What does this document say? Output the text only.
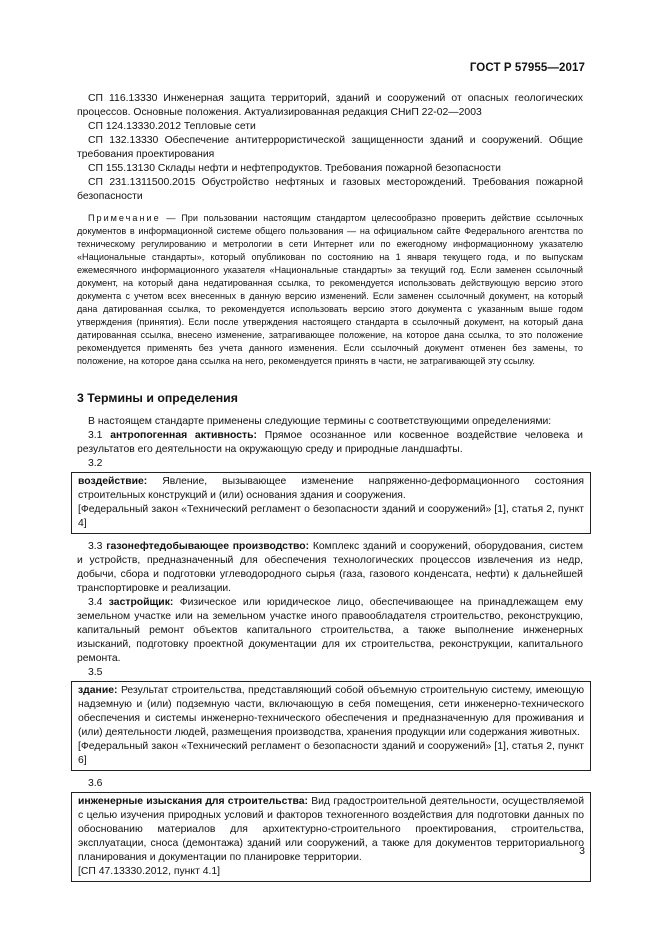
ГОСТ Р 57955—2017

СП 116.13330 Инженерная защита территорий, зданий и сооружений от опасных геологических процессов. Основные положения. Актуализированная редакция СНиП 22-02—2003

СП 124.13330.2012 Тепловые сети

СП 132.13330 Обеспечение антитеррористической защищенности зданий и сооружений. Общие требования проектирования

СП 155.13130 Склады нефти и нефтепродуктов. Требования пожарной безопасности

СП 231.1311500.2015 Обустройство нефтяных и газовых месторождений. Требования пожарной безопасности

Примечание — При пользовании настоящим стандартом целесообразно проверить действие ссылочных документов в информационной системе общего пользования — на официальном сайте Федерального агентства по техническому регулированию и метрологии в сети Интернет или по ежегодному информационному указателю «Национальные стандарты», который опубликован по состоянию на 1 января текущего года, и по выпускам ежемесячного информационного указателя «Национальные стандарты» за текущий год. Если заменен ссылочный документ, на который дана недатированная ссылка, то рекомендуется использовать действующую версию этого документа с учетом всех внесенных в данную версию изменений. Если заменен ссылочный документ, на который дана датированная ссылка, то рекомендуется использовать версию этого документа с указанным выше годом утверждения (принятия). Если после утверждения настоящего стандарта в ссылочный документ, на который дана датированная ссылка, внесено изменение, затрагивающее положение, на которое дана ссылка, то это положение рекомендуется применять без учета данного изменения. Если ссылочный документ отменен без замены, то положение, на которое дана ссылка на него, рекомендуется принять в части, не затрагивающей эту ссылку.

3 Термины и определения

В настоящем стандарте применены следующие термины с соответствующими определениями:

3.1 антропогенная активность: Прямое осознанное или косвенное воздействие человека и результатов его деятельности на окружающую среду и природные ландшафты.

3.2

воздействие: Явление, вызывающее изменение напряженно-деформационного состояния строительных конструкций и (или) основания здания и сооружения.

[Федеральный закон «Технический регламент о безопасности зданий и сооружений» [1], статья 2, пункт 4]

3.3 газонефтедобывающее производство: Комплекс зданий и сооружений, оборудования, систем и устройств, предназначенный для обеспечения технологических процессов извлечения из недр, добычи, сбора и подготовки углеводородного сырья (газа, газового конденсата, нефти) к дальнейшей транспортировке и реализации.

3.4 застройщик: Физическое или юридическое лицо, обеспечивающее на принадлежащем ему земельном участке или на земельном участке иного правообладателя строительство, реконструкцию, капитальный ремонт объектов капитального строительства, а также выполнение инженерных изысканий, подготовку проектной документации для их строительства, реконструкции, капитального ремонта.

3.5

здание: Результат строительства, представляющий собой объемную строительную систему, имеющую надземную и (или) подземную части, включающую в себя помещения, сети инженерно-технического обеспечения и системы инженерно-технического обеспечения и предназначенную для проживания и (или) деятельности людей, размещения производства, хранения продукции или содержания животных.

[Федеральный закон «Технический регламент о безопасности зданий и сооружений» [1], статья 2, пункт 6]

3.6

инженерные изыскания для строительства: Вид градостроительной деятельности, осуществляемой с целью изучения природных условий и факторов техногенного воздействия для подготовки данных по обоснованию материалов для архитектурно-строительного проектирования, строительства, эксплуатации, сноса (демонтажа) зданий или сооружений, а также для документов территориального планирования и документации по планировке территории.

[СП 47.13330.2012, пункт 4.1]

3
